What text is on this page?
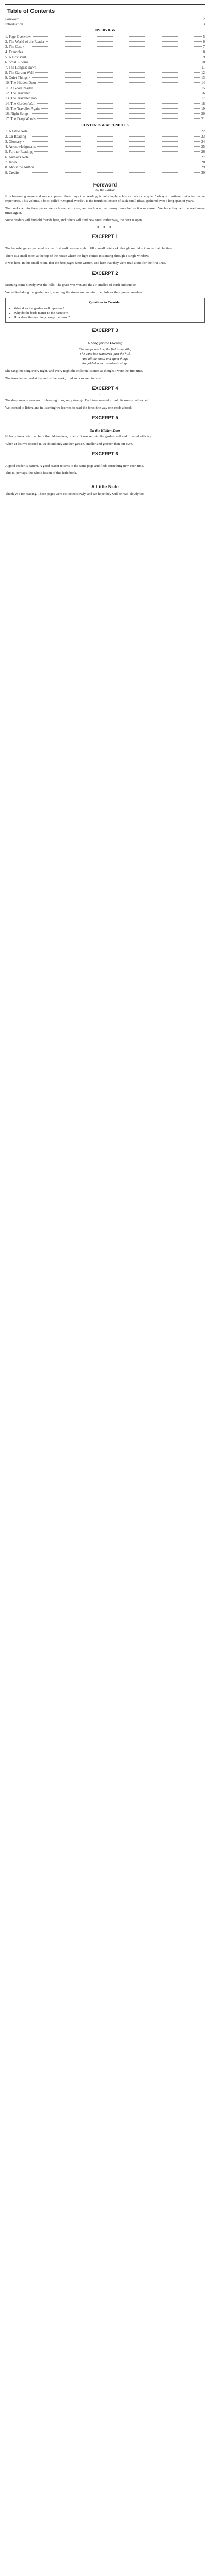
Table of Contents
Foreword	2
Introduction	3
OVERVIEW
1. Page Overview	5
2. The World of the Reader	6
3. The Cast	7
4. Examples	8
5. A First Visit	9
6. Small Rooms	10
7. The Longest Dawn	11
8. The Garden Wall	12
9. Quiet Things	13
10. The Hidden Door	14
11. A Good Reader	15
12. The Traveller	16
13. The Traveller Too	17
14. The Garden Wall	18
15. The Traveller Again	19
16. Night Songs	20
17. The Deep Woods	21
CONTENTS & APPENDICES
1. A Little Note	22
2. On Reading	23
3. Glossary	24
4. Acknowledgments	25
5. Further Reading	26
6. Author's Note	27
7. Index	28
8. About the Author	29
9. Credits	30
Foreword
by the Editor

It is becoming more and more apparent these days that reading is not simply a leisure task or a quiet 'hobbyist' pastime, but a formative experience. This volume, a book called "Original Words", is the fourth collection of such small ideas, gathered over a long span of years.

The books within these pages were chosen with care, and each was read many times before it was chosen. We hope they will be read many times again.

Some readers will find old friends here, and others will find new ones. Either way, the door is open.

◆ ◆ ◆
EXCERPT 1
· · ·

The knowledge we gathered on that first walk was enough to fill a small notebook, though we did not know it at the time.

There is a small room at the top of the house where the light comes in slanting through a single window.

It was here, in this small room, that the first pages were written, and here that they were read aloud for the first time.

EXCERPT 2
· · ·

Morning came slowly over the hills. The grass was wet and the air smelled of earth and smoke.

We walked along the garden wall, counting the stones and naming the birds as they passed overhead.

Questions to Consider
• What does the garden wall represent?
• Why do the birds matter to the narrator?
• How does the morning change the mood?
EXCERPT 3
· · ·
A Song for the Evening
The lamps are low, the fields are still,
The wind has wandered past the hill,
And all the small and quiet things
Are folded under evening's wings.

She sang this song every night, and every night the children listened as though it were the first time.

The traveller arrived at the end of the week, tired and covered in dust.

EXCERPT 4
· · ·

The deep woods were not frightening to us, only strange. Each tree seemed to hold its own small secret.

We learned to listen, and in listening we learned to read the forest the way one reads a book.

EXCERPT 5
· · ·
On the Hidden Door

Nobody knew who had built the hidden door, or why. It was set into the garden wall and covered with ivy.

When at last we opened it, we found only another garden, smaller and greener than our own.

EXCERPT 6
· · ·

A good reader is patient. A good reader returns to the same page and finds something new each time.

This is, perhaps, the whole lesson of this little book.

A Little Note

Thank you for reading. These pages were collected slowly, and we hope they will be read slowly too.
